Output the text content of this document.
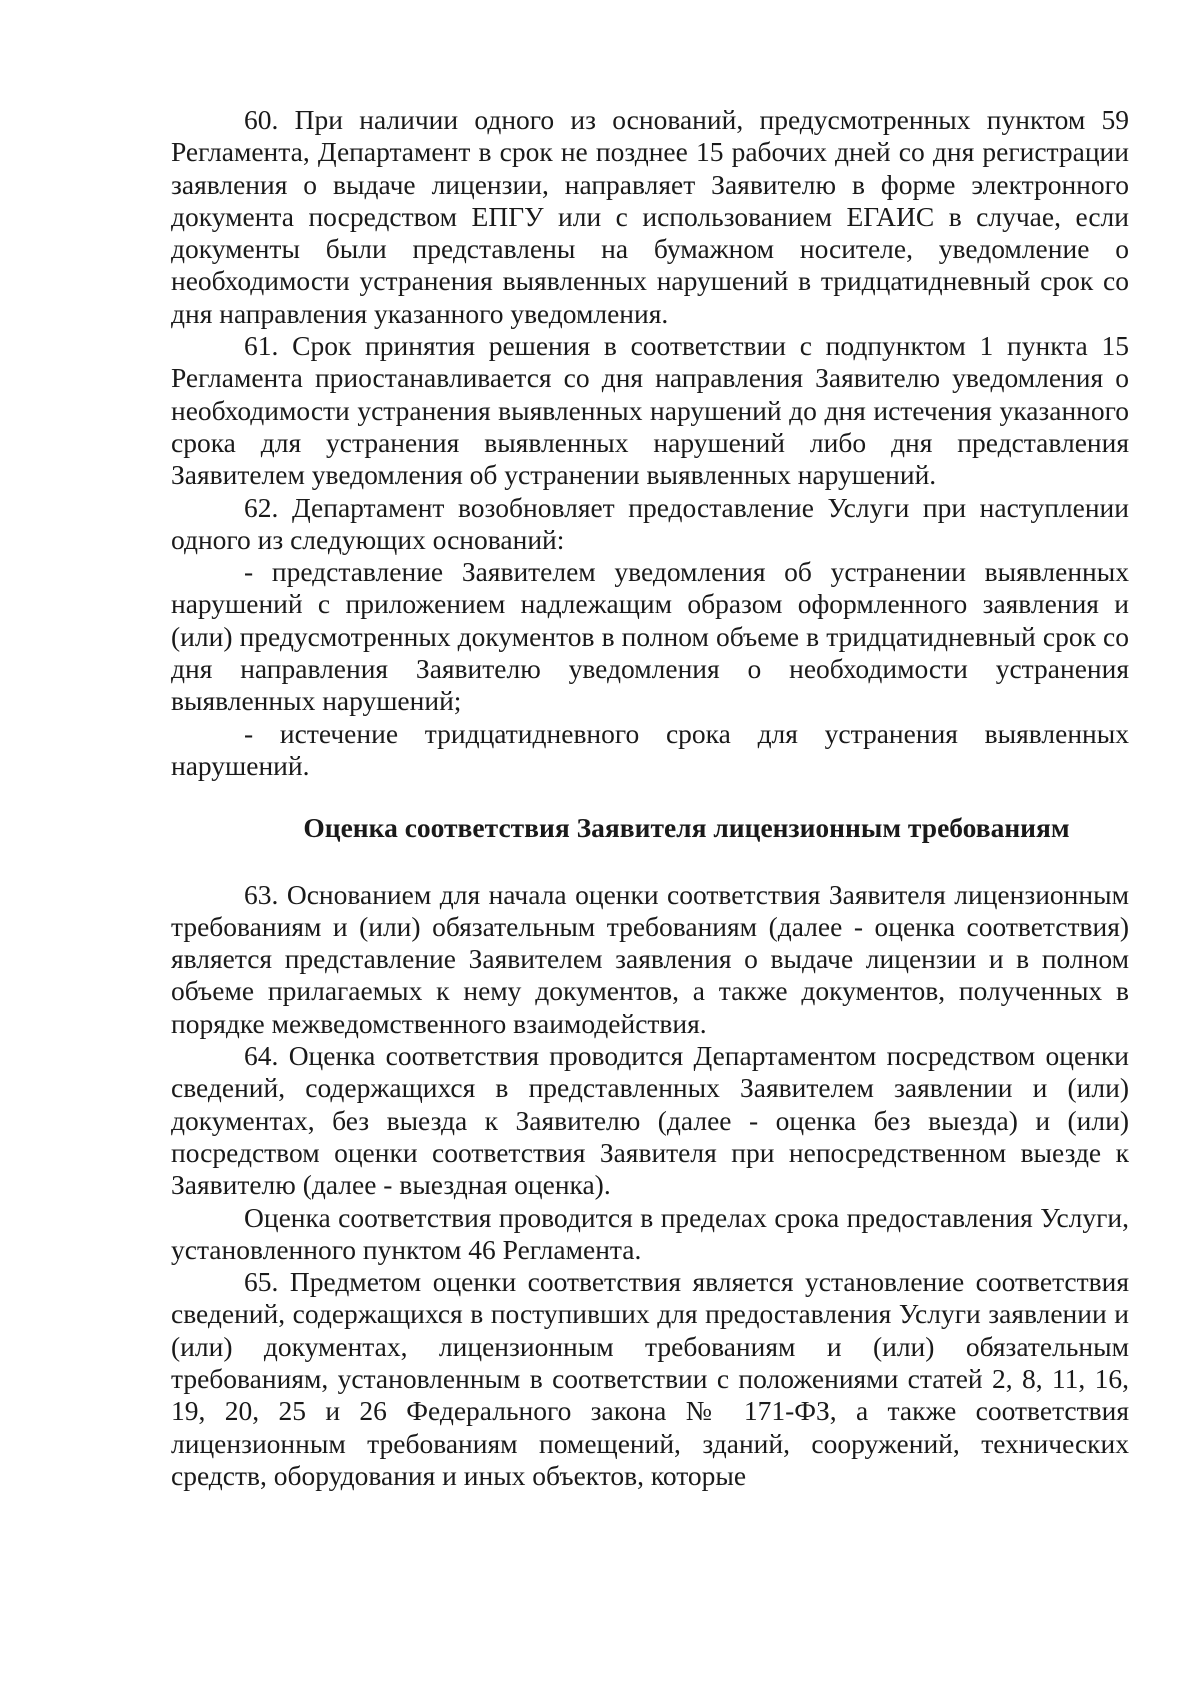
60. При наличии одного из оснований, предусмотренных пунктом 59 Регламента, Департамент в срок не позднее 15 рабочих дней со дня регистрации заявления о выдаче лицензии, направляет Заявителю в форме электронного документа посредством ЕПГУ или с использованием ЕГАИС в случае, если документы были представлены на бумажном носителе, уведомление о необходимости устранения выявленных нарушений в тридцатидневный срок со дня направления указанного уведомления.

61. Срок принятия решения в соответствии с подпунктом 1 пункта 15 Регламента приостанавливается со дня направления Заявителю уведомления о необходимости устранения выявленных нарушений до дня истечения указанного срока для устранения выявленных нарушений либо дня представления Заявителем уведомления об устранении выявленных нарушений.

62. Департамент возобновляет предоставление Услуги при наступлении одного из следующих оснований:

- представление Заявителем уведомления об устранении выявленных нарушений с приложением надлежащим образом оформленного заявления и (или) предусмотренных документов в полном объеме в тридцатидневный срок со дня направления Заявителю уведомления о необходимости устранения выявленных нарушений;

- истечение тридцатидневного срока для устранения выявленных нарушений.

Оценка соответствия Заявителя лицензионным требованиям

63. Основанием для начала оценки соответствия Заявителя лицензионным требованиям и (или) обязательным требованиям (далее - оценка соответствия) является представление Заявителем заявления о выдаче лицензии и в полном объеме прилагаемых к нему документов, а также документов, полученных в порядке межведомственного взаимодействия.

64. Оценка соответствия проводится Департаментом посредством оценки сведений, содержащихся в представленных Заявителем заявлении и (или) документах, без выезда к Заявителю (далее - оценка без выезда) и (или) посредством оценки соответствия Заявителя при непосредственном выезде к Заявителю (далее - выездная оценка).

Оценка соответствия проводится в пределах срока предоставления Услуги, установленного пунктом 46 Регламента.

65. Предметом оценки соответствия является установление соответствия сведений, содержащихся в поступивших для предоставления Услуги заявлении и (или) документах, лицензионным требованиям и (или) обязательным требованиям, установленным в соответствии с положениями статей 2, 8, 11, 16, 19, 20, 25 и 26 Федерального закона № 171-ФЗ, а также соответствия лицензионным требованиям помещений, зданий, сооружений, технических средств, оборудования и иных объектов, которые
